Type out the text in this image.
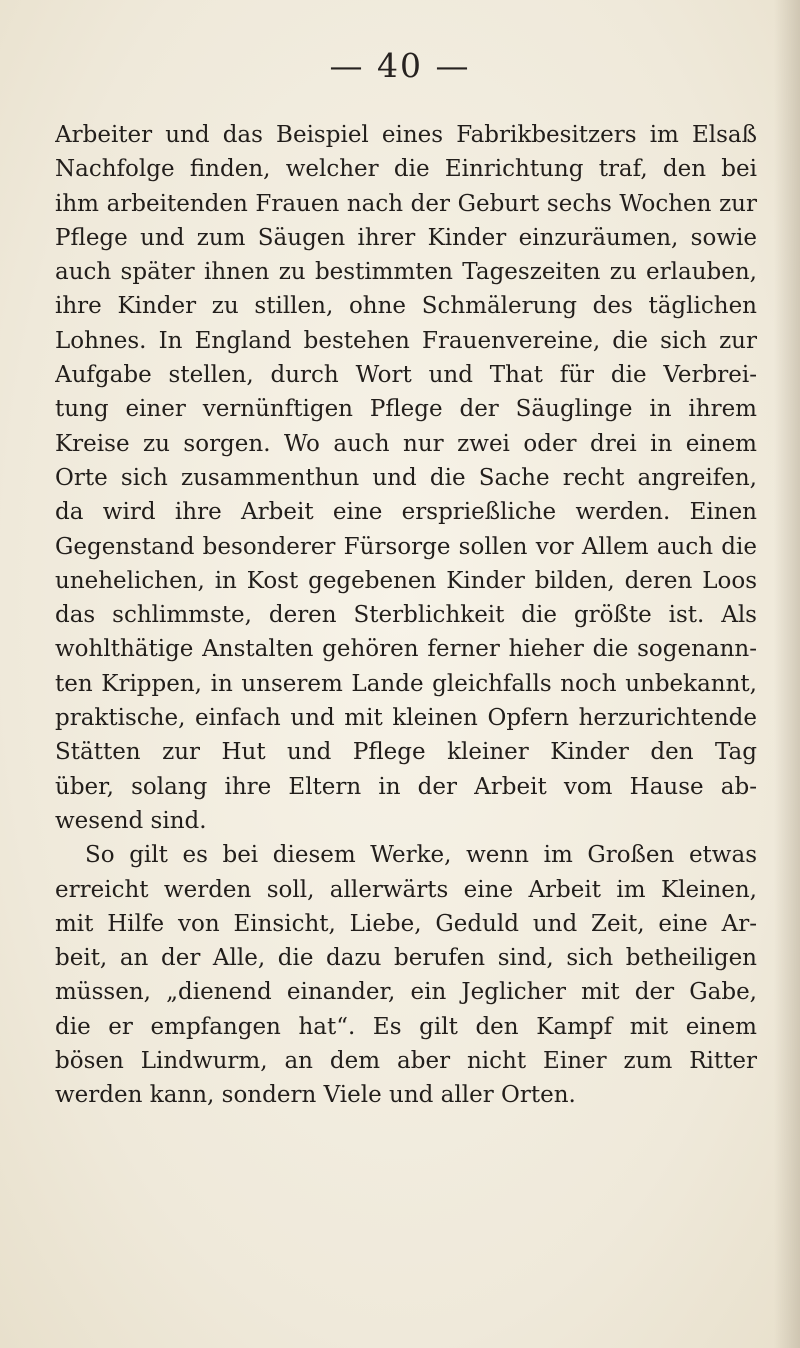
— 40 —
Arbeiter und das Beispiel eines Fabrikbesitzers im Elsaß
Nachfolge finden, welcher die Einrichtung traf, den bei
ihm arbeitenden Frauen nach der Geburt sechs Wochen zur
Pflege und zum Säugen ihrer Kinder einzuräumen, sowie
auch später ihnen zu bestimmten Tageszeiten zu erlauben,
ihre Kinder zu stillen, ohne Schmälerung des täglichen
Lohnes. In England bestehen Frauenvereine, die sich zur
Aufgabe stellen, durch Wort und That für die Verbrei-
tung einer vernünftigen Pflege der Säuglinge in ihrem
Kreise zu sorgen. Wo auch nur zwei oder drei in einem
Orte sich zusammenthun und die Sache recht angreifen,
da wird ihre Arbeit eine ersprießliche werden. Einen
Gegenstand besonderer Fürsorge sollen vor Allem auch die
unehelichen, in Kost gegebenen Kinder bilden, deren Loos
das schlimmste, deren Sterblichkeit die größte ist. Als
wohlthätige Anstalten gehören ferner hieher die sogenann-
ten Krippen, in unserem Lande gleichfalls noch unbekannt,
praktische, einfach und mit kleinen Opfern herzurichtende
Stätten zur Hut und Pflege kleiner Kinder den Tag
über, solang ihre Eltern in der Arbeit vom Hause ab-
wesend sind.
So gilt es bei diesem Werke, wenn im Großen etwas
erreicht werden soll, allerwärts eine Arbeit im Kleinen,
mit Hilfe von Einsicht, Liebe, Geduld und Zeit, eine Ar-
beit, an der Alle, die dazu berufen sind, sich betheiligen
müssen, „dienend einander, ein Jeglicher mit der Gabe,
die er empfangen hat“. Es gilt den Kampf mit einem
bösen Lindwurm, an dem aber nicht Einer zum Ritter
werden kann, sondern Viele und aller Orten.
